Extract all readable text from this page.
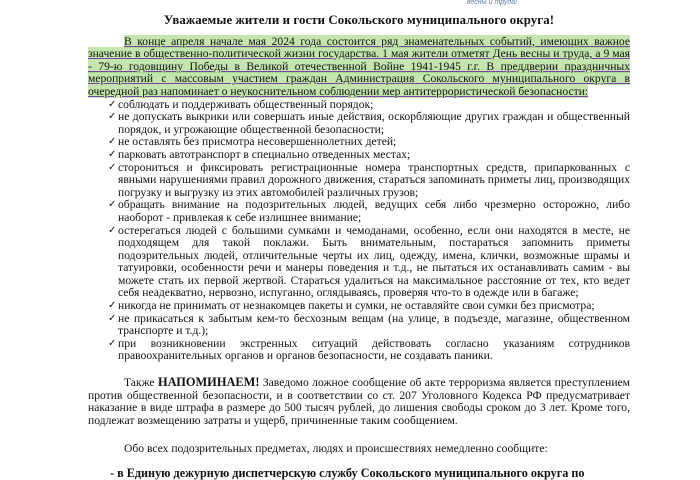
весны и труда!
Уважаемые жители и гости Сокольского муниципального округа!
В конце апреля начале мая 2024 года состоится ряд знаменательных событий, имеющих важное значение в общественно-политической жизни государства. 1 мая жители отметят День весны и труда, а 9 мая - 79-ю годовщину Победы в Великой отечественной Войне 1941-1945 г.г. В преддверии праздничных мероприятий с массовым участием граждан Администрация Сокольского муниципального округа в очередной раз напоминает о неукоснительном соблюдении мер антитеррористической безопасности:
✓ соблюдать и поддерживать общественный порядок;
✓ не допускать выкрики или совершать иные действия, оскорбляющие других граждан и общественный порядок, и угрожающие общественной безопасности;
✓ не оставлять без присмотра несовершеннолетних детей;
✓ парковать автотранспорт в специально отведенных местах;
✓ сторониться и фиксировать регистрационные номера транспортных средств, припаркованных с явными нарушениями правил дорожного движения, стараться запоминать приметы лиц, производящих погрузку и выгрузку из этих автомобилей различных грузов;
✓ обращать внимание на подозрительных людей, ведущих себя либо чрезмерно осторожно, либо наоборот - привлекая к себе излишнее внимание;
✓ остерегаться людей с большими сумками и чемоданами, особенно, если они находятся в месте, не подходящем для такой поклажи. Быть внимательным, постараться запомнить приметы подозрительных людей, отличительные черты их лиц, одежду, имена, клички, возможные шрамы и татуировки, особенности речи и манеры поведения и т.д., не пытаться их останавливать самим - вы можете стать их первой жертвой. Стараться удалиться на максимальное расстояние от тех, кто ведет себя неадекватно, нервозно, испуганно, оглядываясь, проверяя что-то в одежде или в багаже;
✓ никогда не принимать от незнакомцев пакеты и сумки, не оставляйте свои сумки без присмотра;
✓ не прикасаться к забытым кем-то бесхозным вещам (на улице, в подъезде, магазине, общественном транспорте и т.д.);
✓ при возникновении экстренных ситуаций действовать согласно указаниям сотрудников правоохранительных органов и органов безопасности, не создавать паники.
Также НАПОМИНАЕМ! Заведомо ложное сообщение об акте терроризма является преступлением против общественной безопасности, и в соответствии со ст. 207 Уголовного Кодекса РФ предусматривает наказание в виде штрафа в размере до 500 тысяч рублей, до лишения свободы сроком до 3 лет. Кроме того, подлежат возмещению затраты и ущерб, причиненные таким сообщением.
Обо всех подозрительных предметах, людях и происшествиях немедленно сообщите:
- в Единую дежурную диспетчерскую службу Сокольского муниципального округа по
